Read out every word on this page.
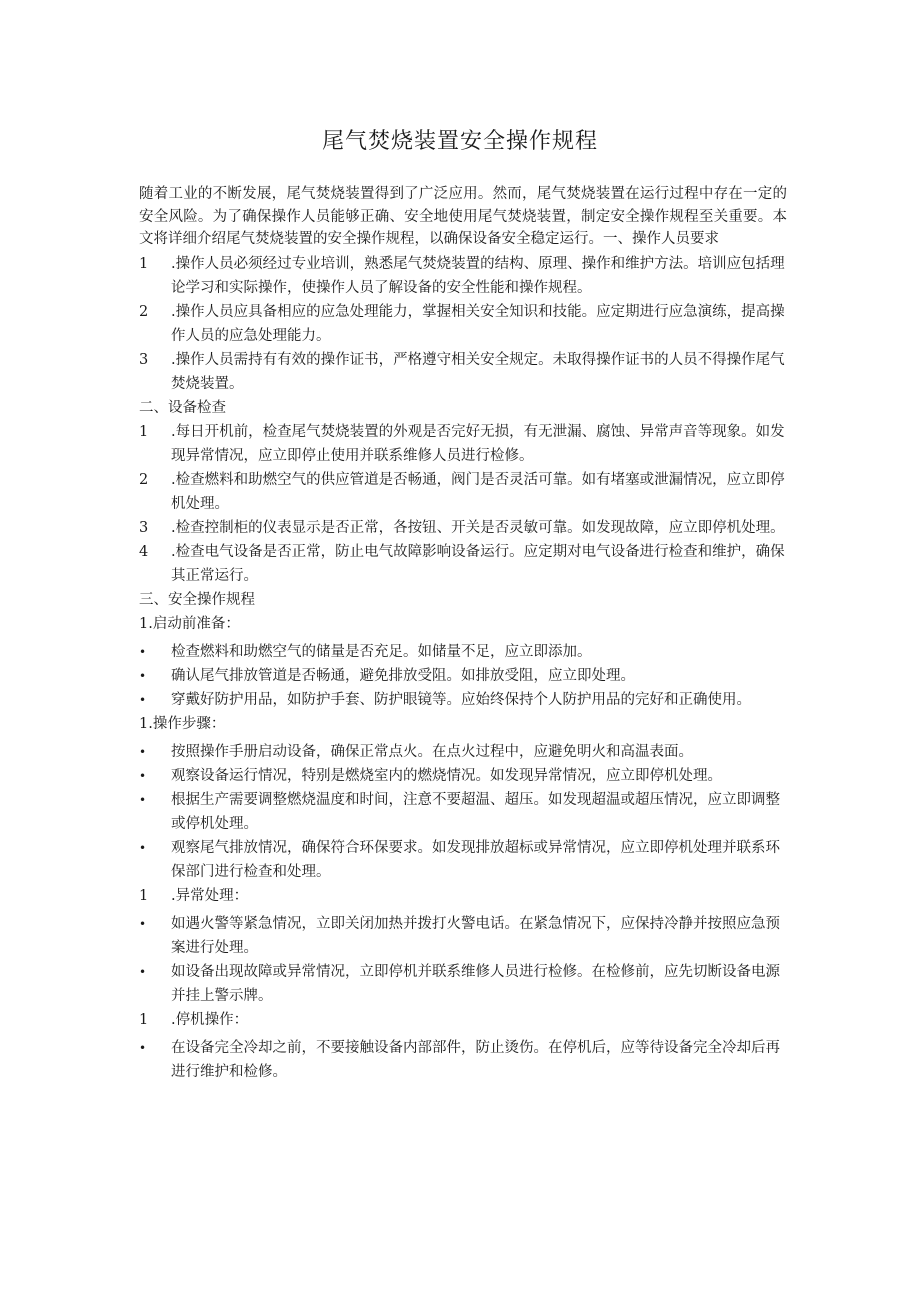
尾气焚烧装置安全操作规程

随着工业的不断发展，尾气焚烧装置得到了广泛应用。然而，尾气焚烧装置在运行过程中存在一定的安全风险。为了确保操作人员能够正确、安全地使用尾气焚烧装置，制定安全操作规程至关重要。本文将详细介绍尾气焚烧装置的安全操作规程，以确保设备安全稳定运行。一、操作人员要求

1	.操作人员必须经过专业培训，熟悉尾气焚烧装置的结构、原理、操作和维护方法。培训应包括理论学习和实际操作，使操作人员了解设备的安全性能和操作规程。
2	.操作人员应具备相应的应急处理能力，掌握相关安全知识和技能。应定期进行应急演练，提高操作人员的应急处理能力。
3	.操作人员需持有有效的操作证书，严格遵守相关安全规定。未取得操作证书的人员不得操作尾气焚烧装置。

二、设备检查

1	.每日开机前，检查尾气焚烧装置的外观是否完好无损，有无泄漏、腐蚀、异常声音等现象。如发现异常情况，应立即停止使用并联系维修人员进行检修。
2	.检查燃料和助燃空气的供应管道是否畅通，阀门是否灵活可靠。如有堵塞或泄漏情况，应立即停机处理。
3	.检查控制柜的仪表显示是否正常，各按钮、开关是否灵敏可靠。如发现故障，应立即停机处理。
4	.检查电气设备是否正常，防止电气故障影响设备运行。应定期对电气设备进行检查和维护，确保其正常运行。

三、安全操作规程

1.启动前准备：

•	检查燃料和助燃空气的储量是否充足。如储量不足，应立即添加。
•	确认尾气排放管道是否畅通，避免排放受阻。如排放受阻，应立即处理。
•	穿戴好防护用品，如防护手套、防护眼镜等。应始终保持个人防护用品的完好和正确使用。

1.操作步骤：

•	按照操作手册启动设备，确保正常点火。在点火过程中，应避免明火和高温表面。
•	观察设备运行情况，特别是燃烧室内的燃烧情况。如发现异常情况，应立即停机处理。
•	根据生产需要调整燃烧温度和时间，注意不要超温、超压。如发现超温或超压情况，应立即调整或停机处理。
•	观察尾气排放情况，确保符合环保要求。如发现排放超标或异常情况，应立即停机处理并联系环保部门进行检查和处理。
1	.异常处理：
•	如遇火警等紧急情况，立即关闭加热并拨打火警电话。在紧急情况下，应保持冷静并按照应急预案进行处理。
•	如设备出现故障或异常情况，立即停机并联系维修人员进行检修。在检修前，应先切断设备电源并挂上警示牌。
1	.停机操作：
•	在设备完全冷却之前，不要接触设备内部部件，防止烫伤。在停机后，应等待设备完全冷却后再进行维护和检修。
